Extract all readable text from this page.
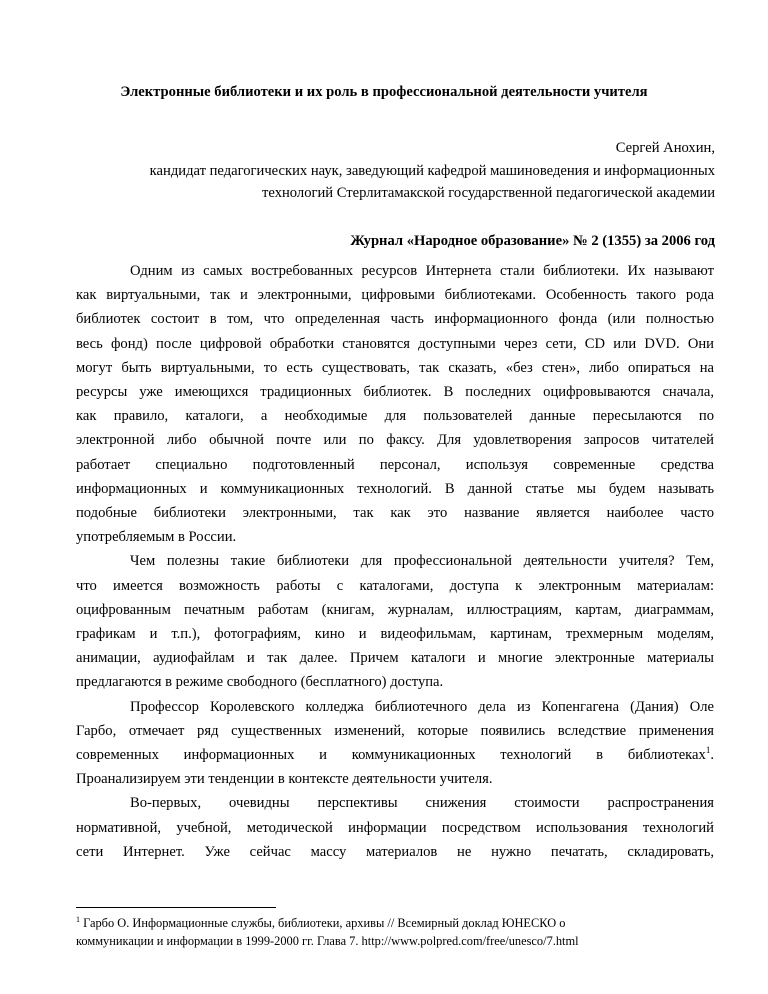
Электронные библиотеки и их роль в профессиональной деятельности учителя
Сергей Анохин,
кандидат педагогических наук, заведующий кафедрой машиноведения и информационных
технологий Стерлитамакской государственной педагогической академии
Журнал «Народное образование» № 2 (1355) за 2006 год
Одним из самых востребованных ресурсов Интернета стали библиотеки. Их называют
как виртуальными, так и электронными, цифровыми библиотеками. Особенность такого рода
библиотек состоит в том, что определенная часть информационного фонда (или полностью
весь фонд) после цифровой обработки становятся доступными через сети, CD или DVD. Они
могут быть виртуальными, то есть существовать, так сказать, «без стен», либо опираться на
ресурсы уже имеющихся традиционных библиотек. В последних оцифровываются сначала,
как правило, каталоги, а необходимые для пользователей данные пересылаются по
электронной либо обычной почте или по факсу. Для удовлетворения запросов читателей
работает специально подготовленный персонал, используя современные средства
информационных и коммуникационных технологий. В данной статье мы будем называть
подобные библиотеки электронными, так как это название является наиболее часто
употребляемым в России.
Чем полезны такие библиотеки для профессиональной деятельности учителя? Тем,
что имеется возможность работы с каталогами, доступа к электронным материалам:
оцифрованным печатным работам (книгам, журналам, иллюстрациям, картам, диаграммам,
графикам и т.п.), фотографиям, кино и видеофильмам, картинам, трехмерным моделям,
анимации, аудиофайлам и так далее. Причем каталоги и многие электронные материалы
предлагаются в режиме свободного (бесплатного) доступа.
Профессор Королевского колледжа библиотечного дела из Копенгагена (Дания) Оле
Гарбо, отмечает ряд существенных изменений, которые появились вследствие применения
современных информационных и коммуникационных технологий в библиотеках$^1$.
Проанализируем эти тенденции в контексте деятельности учителя.
Во-первых, очевидны перспективы снижения стоимости распространения
нормативной, учебной, методической информации посредством использования технологий
сети Интернет. Уже сейчас массу материалов не нужно печатать, складировать,
$^1$ Гарбо О. Информационные службы, библиотеки, архивы // Всемирный доклад ЮНЕСКО о
коммуникации и информации в 1999-2000 гг. Глава 7. http://www.polpred.com/free/unesco/7.html
